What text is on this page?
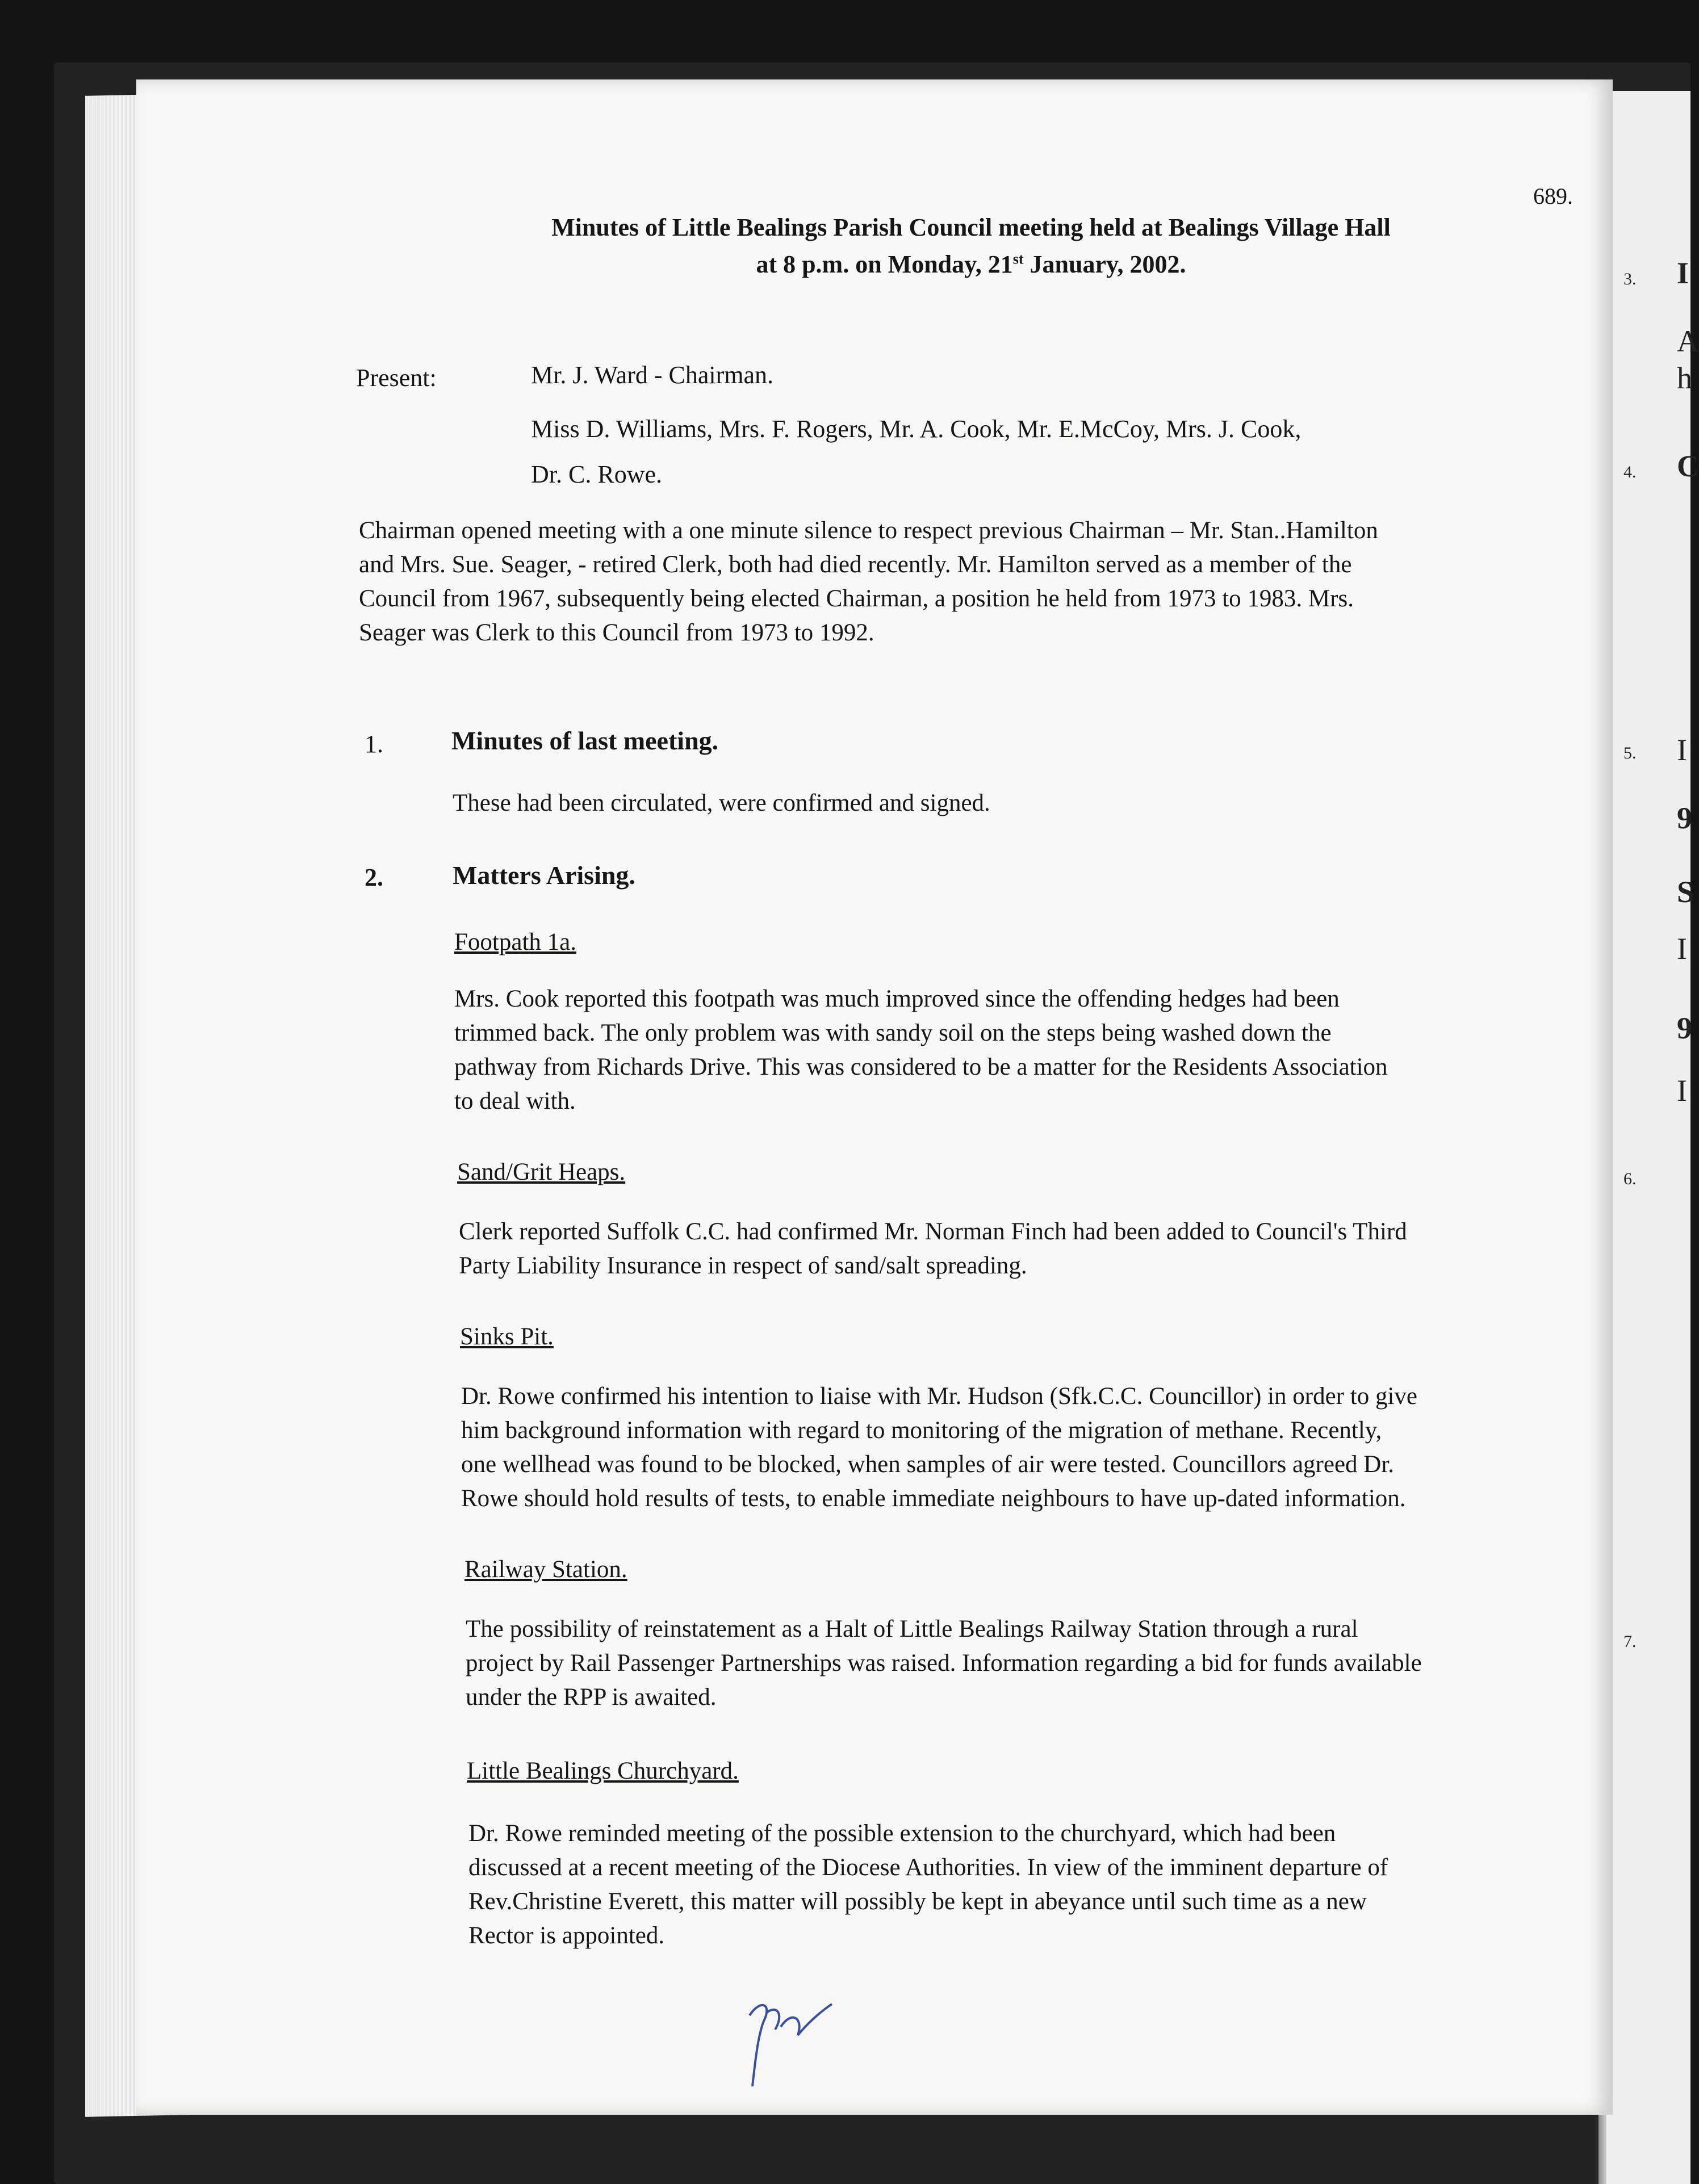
3. I
A
h
4. C
5. I
9
S
I
9
I
6.
7.
689.
Minutes of Little Bealings Parish Council meeting held at Bealings Village Hall
at 8 p.m. on Monday, 21st January, 2002.
Present:	Mr. J. Ward - Chairman.
Miss D. Williams, Mrs. F. Rogers, Mr. A. Cook, Mr. E.McCoy, Mrs. J. Cook,
Dr. C. Rowe.
Chairman opened meeting with a one minute silence to respect previous Chairman – Mr. Stan..Hamilton
and Mrs. Sue. Seager, - retired Clerk, both had died recently. Mr. Hamilton served as a member of the
Council from 1967, subsequently being elected Chairman, a position he held from 1973 to 1983. Mrs.
Seager was Clerk to this Council from 1973 to 1992.
1.	Minutes of last meeting.
These had been circulated, were confirmed and signed.
2.	Matters Arising.
Footpath 1a.
Mrs. Cook reported this footpath was much improved since the offending hedges had been
trimmed back. The only problem was with sandy soil on the steps being washed down the
pathway from Richards Drive. This was considered to be a matter for the Residents Association
to deal with.
Sand/Grit Heaps.
Clerk reported Suffolk C.C. had confirmed Mr. Norman Finch had been added to Council's Third
Party Liability Insurance in respect of sand/salt spreading.
Sinks Pit.
Dr. Rowe confirmed his intention to liaise with Mr. Hudson (Sfk.C.C. Councillor) in order to give
him background information with regard to monitoring of the migration of methane. Recently,
one wellhead was found to be blocked, when samples of air were tested. Councillors agreed Dr.
Rowe should hold results of tests, to enable immediate neighbours to have up-dated information.
Railway Station.
The possibility of reinstatement as a Halt of Little Bealings Railway Station through a rural
project by Rail Passenger Partnerships was raised. Information regarding a bid for funds available
under the RPP is awaited.
Little Bealings Churchyard.
Dr. Rowe reminded meeting of the possible extension to the churchyard, which had been
discussed at a recent meeting of the Diocese Authorities. In view of the imminent departure of
Rev.Christine Everett, this matter will possibly be kept in abeyance until such time as a new
Rector is appointed.
